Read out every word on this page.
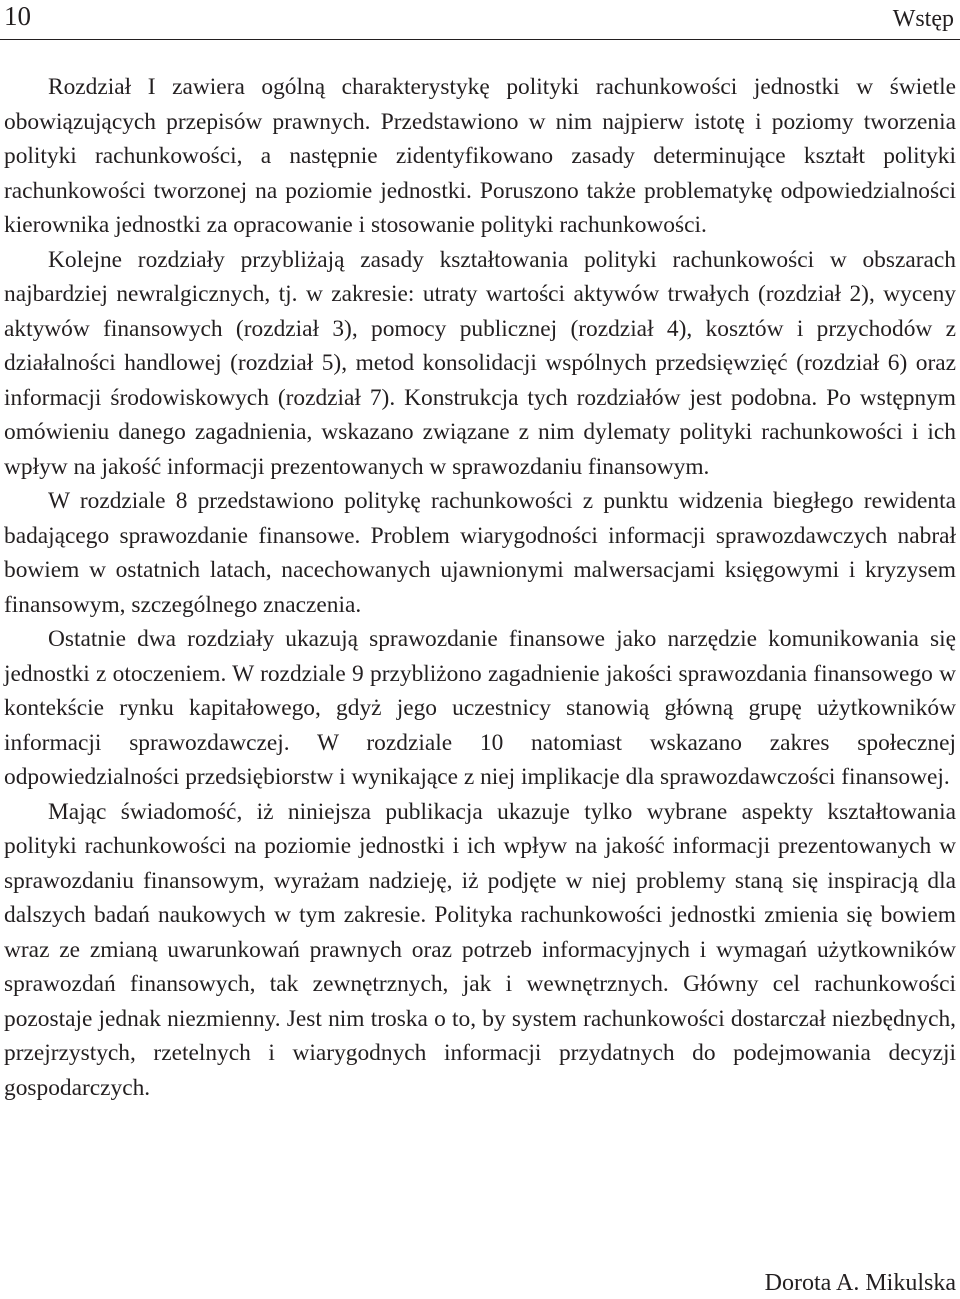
10	Wstęp

Rozdział I zawiera ogólną charakterystykę polityki rachunkowości jednostki w świetle obowiązujących przepisów prawnych. Przedstawiono w nim najpierw istotę i poziomy tworzenia polityki rachunkowości, a następnie zidentyfikowano zasady determinujące kształt polityki rachunkowości tworzonej na poziomie jednostki. Poruszono także problematykę odpowiedzialności kierownika jednostki za opracowanie i stosowanie polityki rachunkowości.

Kolejne rozdziały przybliżają zasady kształtowania polityki rachunkowości w obszarach najbardziej newralgicznych, tj. w zakresie: utraty wartości aktywów trwałych (rozdział 2), wyceny aktywów finansowych (rozdział 3), pomocy publicznej (rozdział 4), kosztów i przychodów z działalności handlowej (rozdział 5), metod konsolidacji wspólnych przedsięwzięć (rozdział 6) oraz informacji środowiskowych (rozdział 7). Konstrukcja tych rozdziałów jest podobna. Po wstępnym omówieniu danego zagadnienia, wskazano związane z nim dylematy polityki rachunkowości i ich wpływ na jakość informacji prezentowanych w sprawozdaniu finansowym.

W rozdziale 8 przedstawiono politykę rachunkowości z punktu widzenia biegłego rewidenta badającego sprawozdanie finansowe. Problem wiarygodności informacji sprawozdawczych nabrał bowiem w ostatnich latach, nacechowanych ujawnionymi malwersacjami księgowymi i kryzysem finansowym, szczególnego znaczenia.

Ostatnie dwa rozdziały ukazują sprawozdanie finansowe jako narzędzie komunikowania się jednostki z otoczeniem. W rozdziale 9 przybliżono zagadnienie jakości sprawozdania finansowego w kontekście rynku kapitałowego, gdyż jego uczestnicy stanowią główną grupę użytkowników informacji sprawozdawczej. W rozdziale 10 natomiast wskazano zakres społecznej odpowiedzialności przedsiębiorstw i wynikające z niej implikacje dla sprawozdawczości finansowej.

Mając świadomość, iż niniejsza publikacja ukazuje tylko wybrane aspekty kształtowania polityki rachunkowości na poziomie jednostki i ich wpływ na jakość informacji prezentowanych w sprawozdaniu finansowym, wyrażam nadzieję, iż podjęte w niej problemy staną się inspiracją dla dalszych badań naukowych w tym zakresie. Polityka rachunkowości jednostki zmienia się bowiem wraz ze zmianą uwarunkowań prawnych oraz potrzeb informacyjnych i wymagań użytkowników sprawozdań finansowych, tak zewnętrznych, jak i wewnętrznych. Główny cel rachunkowości pozostaje jednak niezmienny. Jest nim troska o to, by system rachunkowości dostarczał niezbędnych, przejrzystych, rzetelnych i wiarygodnych informacji przydatnych do podejmowania decyzji gospodarczych.

Dorota A. Mikulska
